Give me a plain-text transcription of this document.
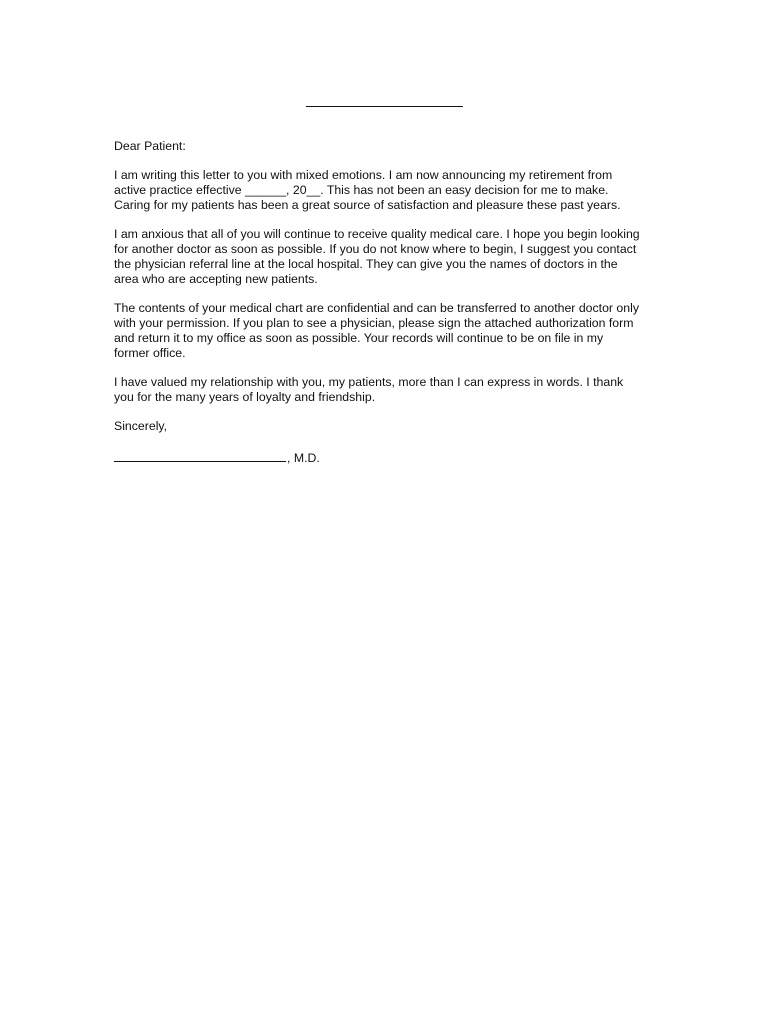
Dear Patient:

I am writing this letter to you with mixed emotions. I am now announcing my retirement from
active practice effective ______, 20__. This has not been an easy decision for me to make.
Caring for my patients has been a great source of satisfaction and pleasure these past years.

I am anxious that all of you will continue to receive quality medical care. I hope you begin looking
for another doctor as soon as possible. If you do not know where to begin, I suggest you contact
the physician referral line at the local hospital. They can give you the names of doctors in the
area who are accepting new patients.

The contents of your medical chart are confidential and can be transferred to another doctor only
with your permission. If you plan to see a physician, please sign the attached authorization form
and return it to my office as soon as possible. Your records will continue to be on file in my
former office.

I have valued my relationship with you, my patients, more than I can express in words. I thank
you for the many years of loyalty and friendship.

Sincerely,

, M.D.
